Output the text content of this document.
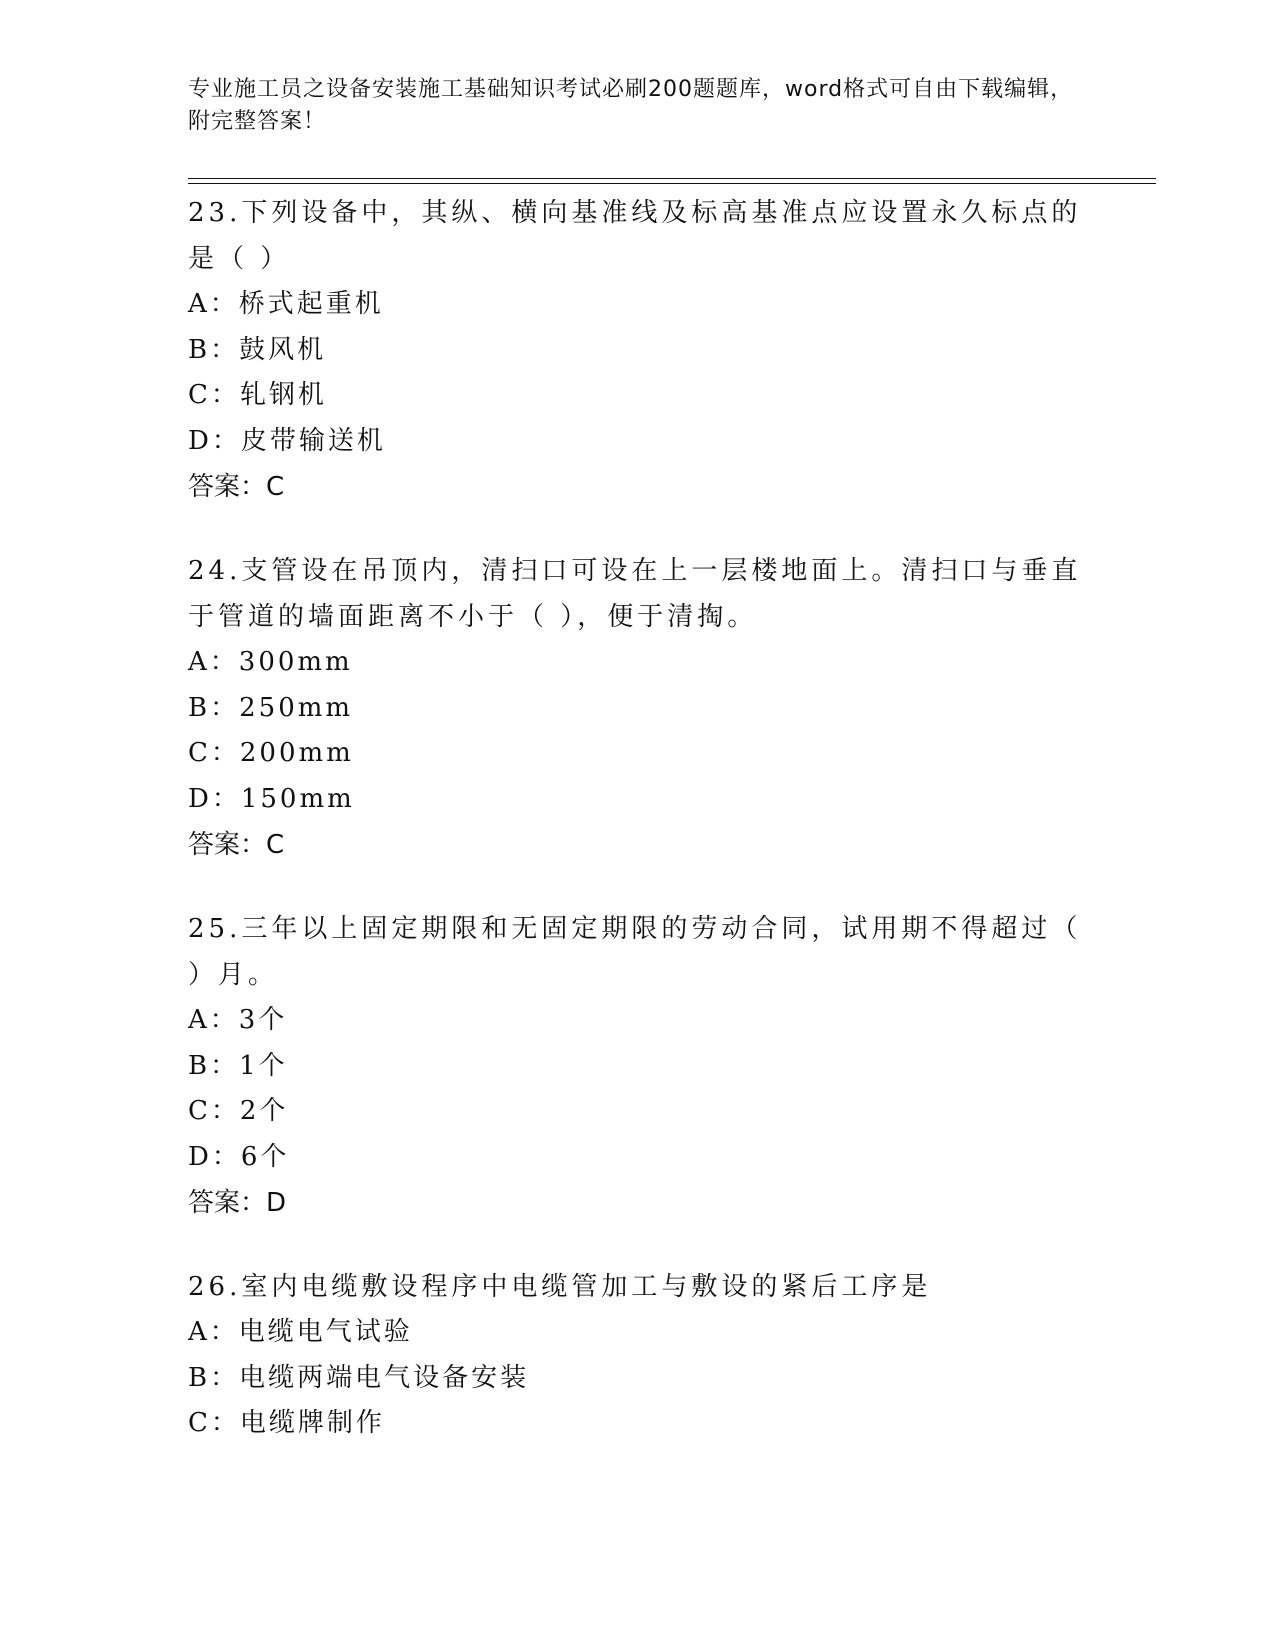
专业施工员之设备安装施工基础知识考试必刷200题题库，word格式可自由下载编辑，附完整答案！
23.下列设备中，其纵、横向基准线及标高基准点应设置永久标点的是（ ）
A：桥式起重机
B：鼓风机
C：轧钢机
D：皮带输送机
答案：C
24.支管设在吊顶内，清扫口可设在上一层楼地面上。清扫口与垂直于管道的墙面距离不小于（ ），便于清掏。
A：300mm
B：250mm
C：200mm
D：150mm
答案：C
25.三年以上固定期限和无固定期限的劳动合同，试用期不得超过（ ）月。
A：3个
B：1个
C：2个
D：6个
答案：D
26.室内电缆敷设程序中电缆管加工与敷设的紧后工序是
A：电缆电气试验
B：电缆两端电气设备安装
C：电缆牌制作
